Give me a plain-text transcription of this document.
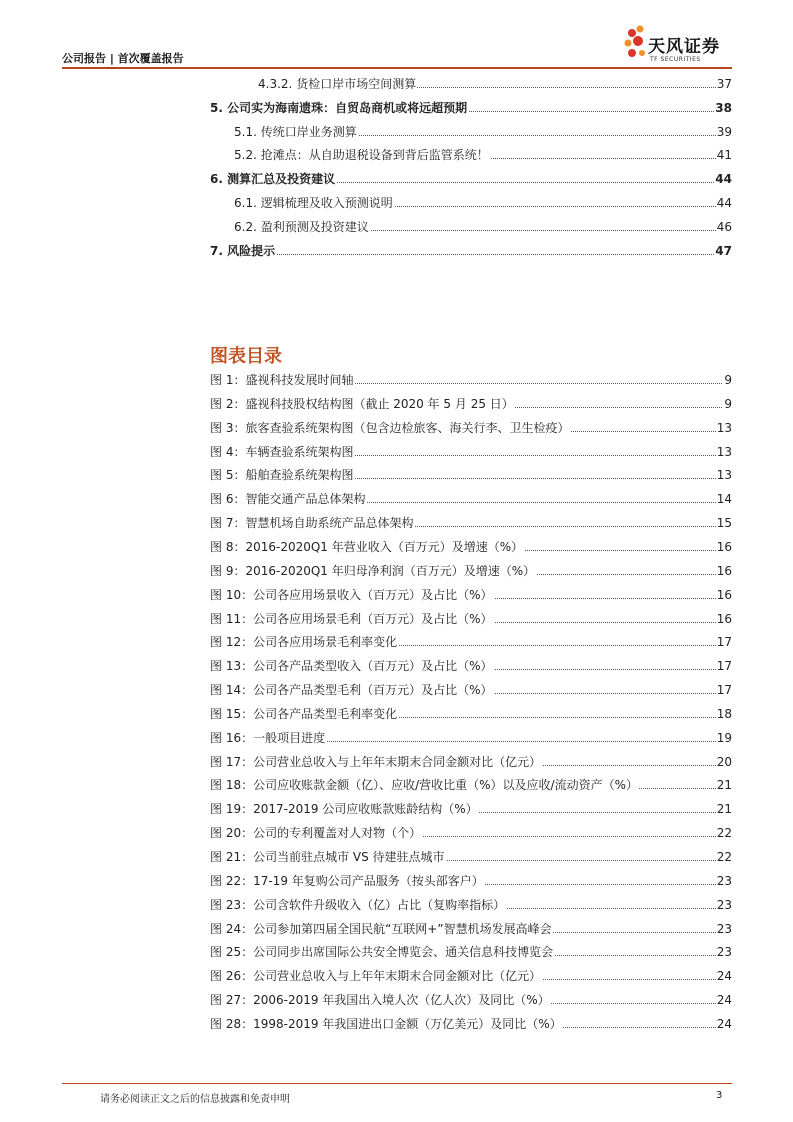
公司报告 | 首次覆盖报告
天风证券
TF SECURITIES
4.3.2. 货检口岸市场空间测算	37
5. 公司实为海南遗珠：自贸岛商机或将远超预期	38
5.1. 传统口岸业务测算	39
5.2. 抢滩点：从自助退税设备到背后监管系统！	41
6. 测算汇总及投资建议	44
6.1. 逻辑梳理及收入预测说明	44
6.2. 盈利预测及投资建议	46
7. 风险提示	47
图表目录
图 1：盛视科技发展时间轴	9
图 2：盛视科技股权结构图（截止 2020 年 5 月 25 日）	9
图 3：旅客查验系统架构图（包含边检旅客、海关行李、卫生检疫）	13
图 4：车辆查验系统架构图	13
图 5：船舶查验系统架构图	13
图 6：智能交通产品总体架构	14
图 7：智慧机场自助系统产品总体架构	15
图 8：2016-2020Q1 年营业收入（百万元）及增速（%）	16
图 9：2016-2020Q1 年归母净利润（百万元）及增速（%）	16
图 10：公司各应用场景收入（百万元）及占比（%）	16
图 11：公司各应用场景毛利（百万元）及占比（%）	16
图 12：公司各应用场景毛利率变化	17
图 13：公司各产品类型收入（百万元）及占比（%）	17
图 14：公司各产品类型毛利（百万元）及占比（%）	17
图 15：公司各产品类型毛利率变化	18
图 16：一般项目进度	19
图 17：公司营业总收入与上年年末期末合同金额对比（亿元）	20
图 18：公司应收账款金额（亿）、应收/营收比重（%）以及应收/流动资产（%）	21
图 19：2017-2019 公司应收账款账龄结构（%）	21
图 20：公司的专利覆盖对人对物（个）	22
图 21：公司当前驻点城市 VS 待建驻点城市	22
图 22：17-19 年复购公司产品服务（按头部客户）	23
图 23：公司含软件升级收入（亿）占比（复购率指标）	23
图 24：公司参加第四届全国民航“互联网+”智慧机场发展高峰会	23
图 25：公司同步出席国际公共安全博览会、通关信息科技博览会	23
图 26：公司营业总收入与上年年末期末合同金额对比（亿元）	24
图 27：2006-2019 年我国出入境人次（亿人次）及同比（%）	24
图 28：1998-2019 年我国进出口金额（万亿美元）及同比（%）	24
请务必阅读正文之后的信息披露和免责申明	3
